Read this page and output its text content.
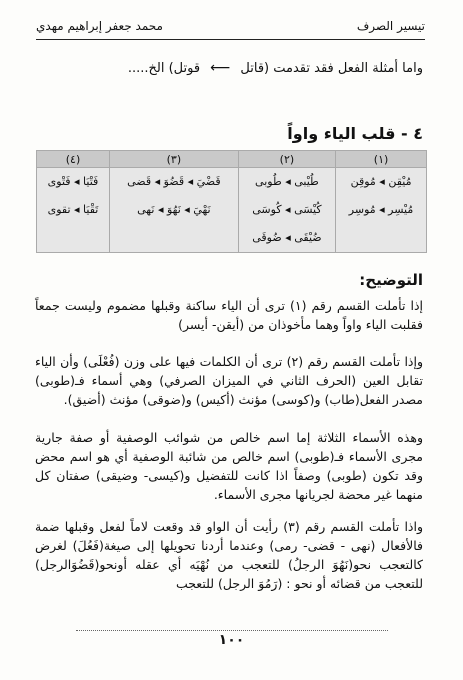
تيسير الصرف
محمد جعفر إبراهيم مهدي
واما أمثلة الفعل فقد تقدمت (قاتل ⟵ قوتل) الخ.....
٤ - قلب الياء واواً
(١)	(٢)	(٣)	(٤)
مُيْقِن ◂ مُوقِن	طُيْبى ◂ طُوبى	قَضْيَ ◂ قَضُوَ ◂ قَضى	فَتْيَا ◂ فَتْوى
مُيْسِر ◂ مُوسِر	كُيْسَى ◂ كُوسَى	نَهْيَ ◂ نَهُوَ ◂ نَهى	تَقْيَا ◂ تقوى
	ضُيْقَى ◂ ضُوقَى		
التوضيح:

إذا تأملت القسم رقم (١) ترى أن الياء ساكنة وقبلها مضموم وليست جمعاً فقلبت الياء واواً وهما مأخوذان من (أيقن- أيسر)

وإذا تأملت القسم رقم (٢) ترى أن الكلمات فيها على وزن (فُعْلَى) وأن الياء تقابل العين (الحرف الثاني في الميزان الصرفي) وهي أسماء فـ(طوبى) مصدر الفعل(طاب) و(كوسى) مؤنث (أكيس) و(ضوقى) مؤنث (أضيق).

وهذه الأسماء الثلاثة إما اسم خالص من شوائب الوصفية أو صفة جارية مجرى الأسماء فـ(طوبى) اسم خالص من شائبة الوصفية أي هو اسم محض وقد تكون (طوبى) وصفاً اذا كانت للتفضيل و(كيسى- وضيقى) صفتان كل منهما غير محضة لجريانها مجرى الأسماء.

واذا تأملت القسم رقم (٣) رأيت أن الواو قد وقعت لاماً لفعل وقبلها ضمة فالأفعال (نهى - قضى- رمى) وعندما أردنا تحويلها إلى صيغة(فَعُلَ) لغرض كالتعجب نحو(نَهُوَ الرجلُ) للتعجب من نُهْيَه أي عقله أونحو(قَضُوَالرجل) للتعجب من قضائه أو نحو : (رَمُوَ الرجل) للتعجب

١٠٠
